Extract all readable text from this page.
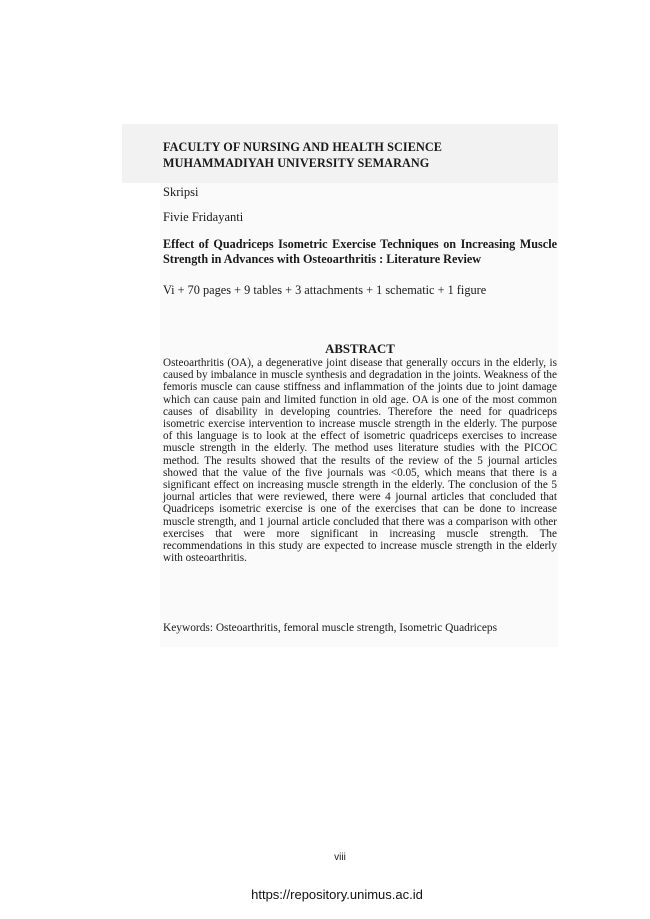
FACULTY OF NURSING AND HEALTH SCIENCE
MUHAMMADIYAH UNIVERSITY SEMARANG
Skripsi
Fivie Fridayanti
Effect of Quadriceps Isometric Exercise Techniques on Increasing Muscle Strength in Advances with Osteoarthritis : Literature Review
Vi + 70 pages + 9 tables + 3 attachments + 1 schematic + 1 figure
ABSTRACT
Osteoarthritis (OA), a degenerative joint disease that generally occurs in the elderly, is caused by imbalance in muscle synthesis and degradation in the joints. Weakness of the femoris muscle can cause stiffness and inflammation of the joints due to joint damage which can cause pain and limited function in old age. OA is one of the most common causes of disability in developing countries. Therefore the need for quadriceps isometric exercise intervention to increase muscle strength in the elderly. The purpose of this language is to look at the effect of isometric quadriceps exercises to increase muscle strength in the elderly. The method uses literature studies with the PICOC method. The results showed that the results of the review of the 5 journal articles showed that the value of the five journals was <0.05, which means that there is a significant effect on increasing muscle strength in the elderly. The conclusion of the 5 journal articles that were reviewed, there were 4 journal articles that concluded that Quadriceps isometric exercise is one of the exercises that can be done to increase muscle strength, and 1 journal article concluded that there was a comparison with other exercises that were more significant in increasing muscle strength. The recommendations in this study are expected to increase muscle strength in the elderly with osteoarthritis.
Keywords: Osteoarthritis, femoral muscle strength, Isometric Quadriceps
viii
https://repository.unimus.ac.id
